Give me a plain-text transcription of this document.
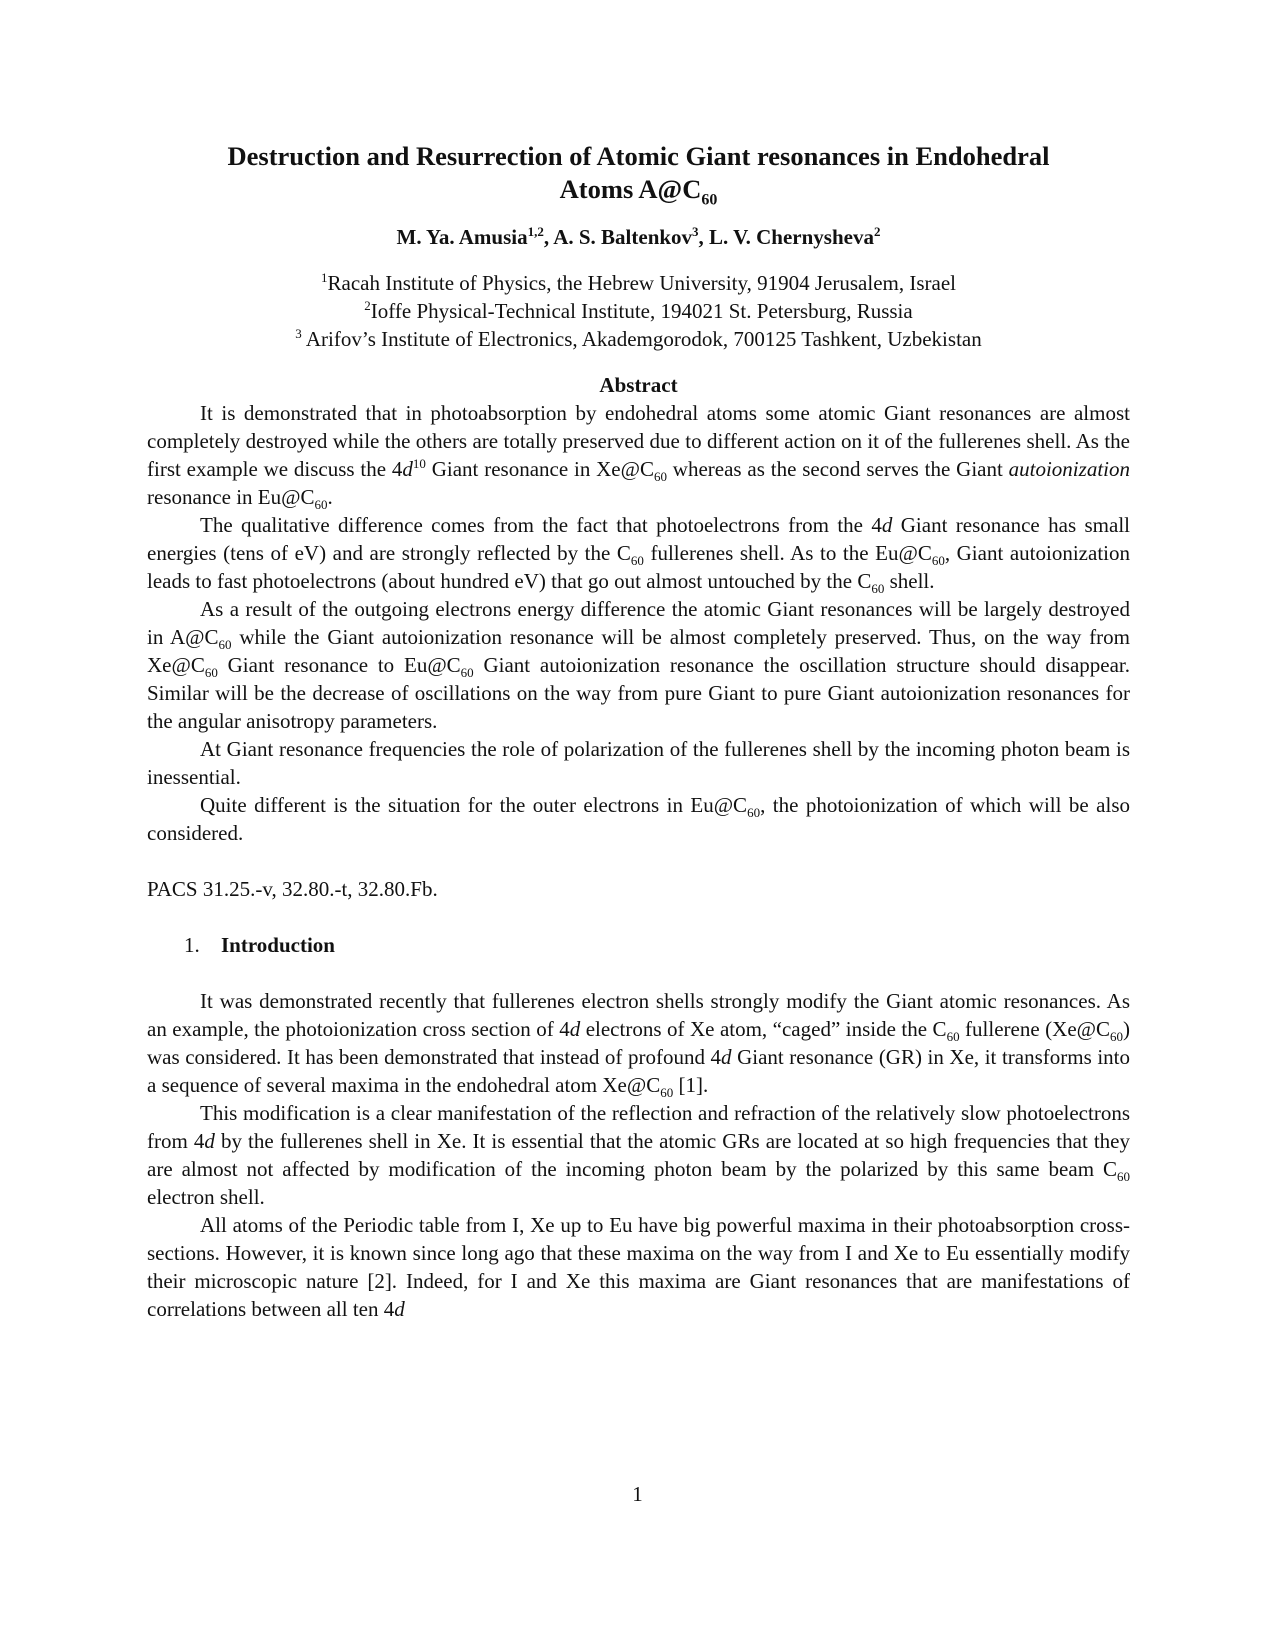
Destruction and Resurrection of Atomic Giant resonances in Endohedral
Atoms $A@C_{60}$
M. Ya. Amusia$^{1,2}$, A. S. Baltenkov$^3$, L. V. Chernysheva$^2$
$^1$Racah Institute of Physics, the Hebrew University, 91904 Jerusalem, Israel
$^2$Ioffe Physical-Technical Institute, 194021 St. Petersburg, Russia
$^3$ Arifov’s Institute of Electronics, Akademgorodok, 700125 Tashkent, Uzbekistan
Abstract

It is demonstrated that in photoabsorption by endohedral atoms some atomic Giant resonances are almost completely destroyed while the others are totally preserved due to different action on it of the fullerenes shell. As the first example we discuss the $4d^{10}$ Giant resonance in $Xe@C_{60}$ whereas as the second serves the Giant autoionization resonance in $Eu@C_{60}$.

The qualitative difference comes from the fact that photoelectrons from the 4d Giant resonance has small energies (tens of eV) and are strongly reflected by the $C_{60}$ fullerenes shell. As to the $Eu@C_{60}$, Giant autoionization leads to fast photoelectrons (about hundred eV) that go out almost untouched by the $C_{60}$ shell.

As a result of the outgoing electrons energy difference the atomic Giant resonances will be largely destroyed in $A@C_{60}$ while the Giant autoionization resonance will be almost completely preserved. Thus, on the way from $Xe@C_{60}$ Giant resonance to $Eu@C_{60}$ Giant autoionization resonance the oscillation structure should disappear. Similar will be the decrease of oscillations on the way from pure Giant to pure Giant autoionization resonances for the angular anisotropy parameters.

At Giant resonance frequencies the role of polarization of the fullerenes shell by the incoming photon beam is inessential.

Quite different is the situation for the outer electrons in $Eu@C_{60}$, the photoionization of which will be also considered.

PACS 31.25.-v, 32.80.-t, 32.80.Fb.
1. Introduction

It was demonstrated recently that fullerenes electron shells strongly modify the Giant atomic resonances. As an example, the photoionization cross section of 4d electrons of Xe atom, “caged” inside the $C_{60}$ fullerene $(Xe@C_{60})$ was considered. It has been demonstrated that instead of profound 4d Giant resonance (GR) in Xe, it transforms into a sequence of several maxima in the endohedral atom $Xe@C_{60}$ [1].

This modification is a clear manifestation of the reflection and refraction of the relatively slow photoelectrons from 4d by the fullerenes shell in Xe. It is essential that the atomic GRs are located at so high frequencies that they are almost not affected by modification of the incoming photon beam by the polarized by this same beam $C_{60}$ electron shell.

All atoms of the Periodic table from I, Xe up to Eu have big powerful maxima in their photoabsorption cross-sections. However, it is known since long ago that these maxima on the way from I and Xe to Eu essentially modify their microscopic nature [2]. Indeed, for I and Xe this maxima are Giant resonances that are manifestations of correlations between all ten 4d

1
